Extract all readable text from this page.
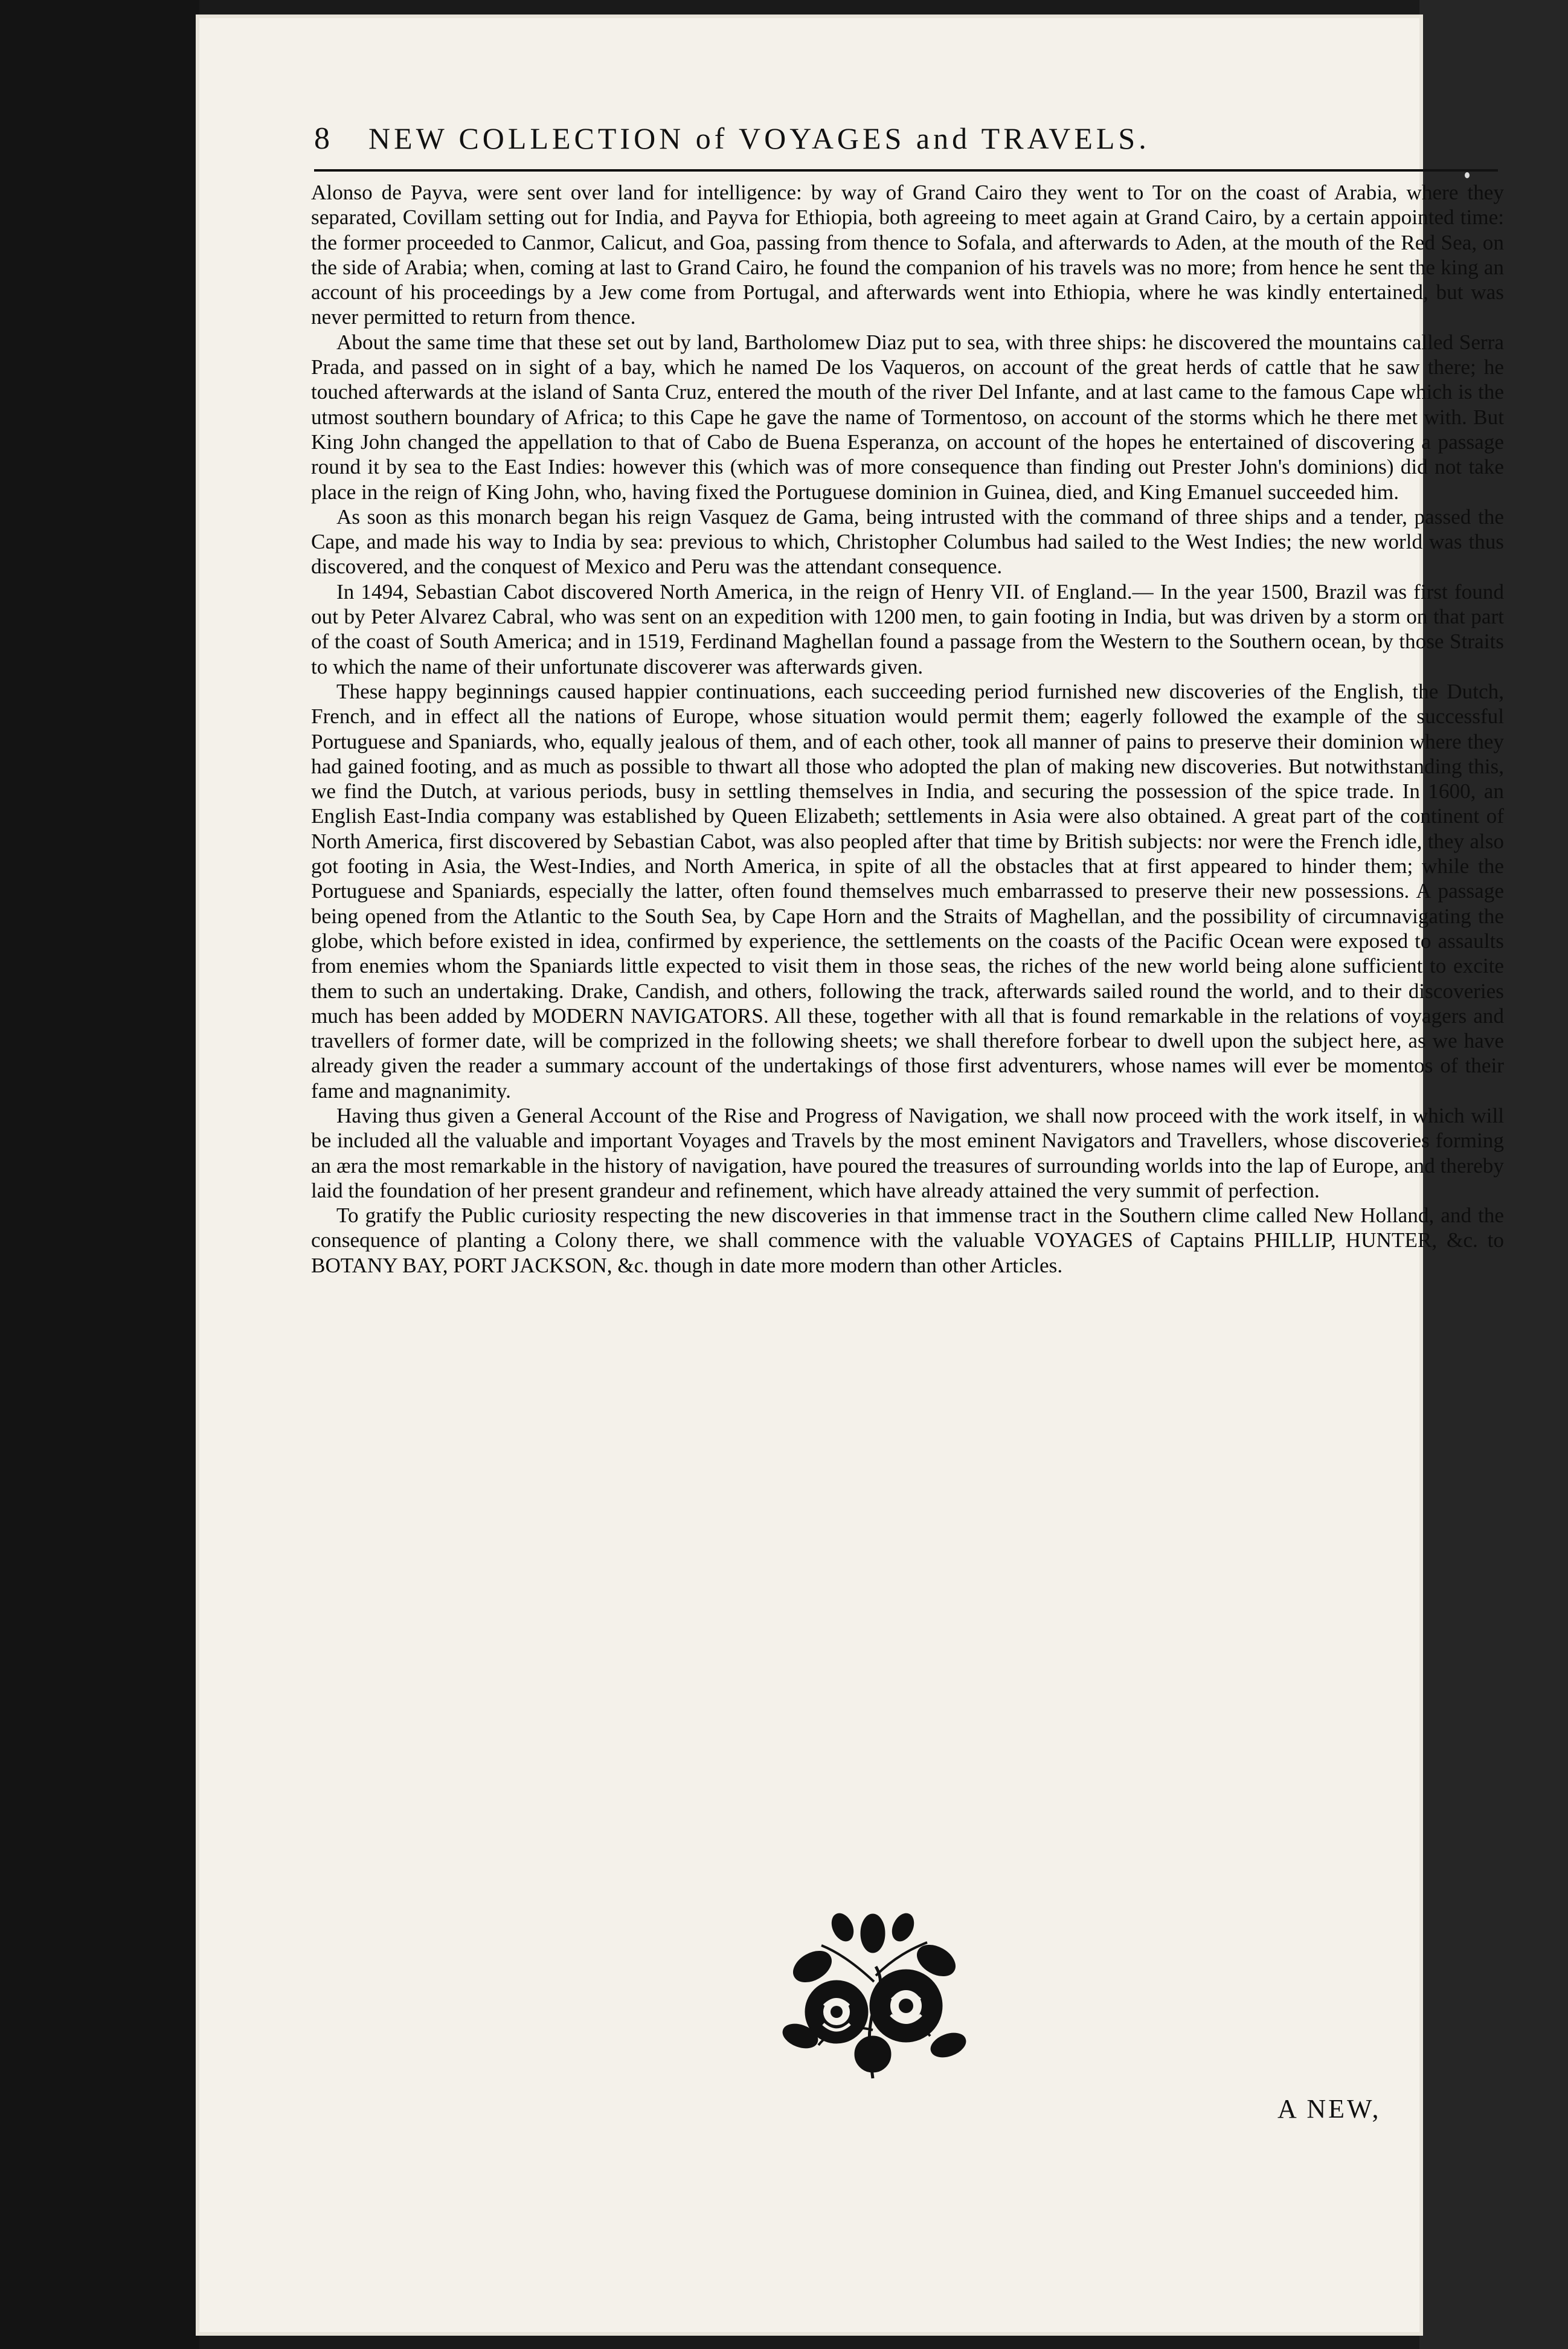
8	NEW COLLECTION of VOYAGES and TRAVELS.

Alonso de Payva, were sent over land for intelligence: by way of Grand Cairo they went to Tor on the coast of Arabia, where they separated, Covillam setting out for India, and Payva for Ethiopia, both agreeing to meet again at Grand Cairo, by a certain appointed time: the former proceeded to Canmor, Calicut, and Goa, passing from thence to Sofala, and afterwards to Aden, at the mouth of the Red Sea, on the side of Arabia; when, coming at last to Grand Cairo, he found the companion of his travels was no more; from hence he sent the king an account of his proceedings by a Jew come from Portugal, and afterwards went into Ethiopia, where he was kindly entertained, but was never permitted to return from thence.

About the same time that these set out by land, Bartholomew Diaz put to sea, with three ships: he discovered the mountains called Serra Prada, and passed on in sight of a bay, which he named De los Vaqueros, on account of the great herds of cattle that he saw there; he touched afterwards at the island of Santa Cruz, entered the mouth of the river Del Infante, and at last came to the famous Cape which is the utmost southern boundary of Africa; to this Cape he gave the name of Tormentoso, on account of the storms which he there met with. But King John changed the appellation to that of Cabo de Buena Esperanza, on account of the hopes he entertained of discovering a passage round it by sea to the East Indies: however this (which was of more consequence than finding out Prester John's dominions) did not take place in the reign of King John, who, having fixed the Portuguese dominion in Guinea, died, and King Emanuel succeeded him.

As soon as this monarch began his reign Vasquez de Gama, being intrusted with the command of three ships and a tender, passed the Cape, and made his way to India by sea: previous to which, Christopher Columbus had sailed to the West Indies; the new world was thus discovered, and the conquest of Mexico and Peru was the attendant consequence.

In 1494, Sebastian Cabot discovered North America, in the reign of Henry VII. of England.— In the year 1500, Brazil was first found out by Peter Alvarez Cabral, who was sent on an expedition with 1200 men, to gain footing in India, but was driven by a storm on that part of the coast of South America; and in 1519, Ferdinand Maghellan found a passage from the Western to the Southern ocean, by those Straits to which the name of their unfortunate discoverer was afterwards given.

These happy beginnings caused happier continuations, each succeeding period furnished new discoveries of the English, the Dutch, French, and in effect all the nations of Europe, whose situation would permit them; eagerly followed the example of the successful Portuguese and Spaniards, who, equally jealous of them, and of each other, took all manner of pains to preserve their dominion where they had gained footing, and as much as possible to thwart all those who adopted the plan of making new discoveries. But notwithstanding this, we find the Dutch, at various periods, busy in settling themselves in India, and securing the possession of the spice trade. In 1600, an English East-India company was established by Queen Elizabeth; settlements in Asia were also obtained. A great part of the continent of North America, first discovered by Sebastian Cabot, was also peopled after that time by British subjects: nor were the French idle, they also got footing in Asia, the West-Indies, and North America, in spite of all the obstacles that at first appeared to hinder them; while the Portuguese and Spaniards, especially the latter, often found themselves much embarrassed to preserve their new possessions. A passage being opened from the Atlantic to the South Sea, by Cape Horn and the Straits of Maghellan, and the possibility of circumnavigating the globe, which before existed in idea, confirmed by experience, the settlements on the coasts of the Pacific Ocean were exposed to assaults from enemies whom the Spaniards little expected to visit them in those seas, the riches of the new world being alone sufficient to excite them to such an undertaking. Drake, Candish, and others, following the track, afterwards sailed round the world, and to their discoveries much has been added by MODERN NAVIGATORS. All these, together with all that is found remarkable in the relations of voyagers and travellers of former date, will be comprized in the following sheets; we shall therefore forbear to dwell upon the subject here, as we have already given the reader a summary account of the undertakings of those first adventurers, whose names will ever be momentos of their fame and magnanimity.

Having thus given a General Account of the Rise and Progress of Navigation, we shall now proceed with the work itself, in which will be included all the valuable and important Voyages and Travels by the most eminent Navigators and Travellers, whose discoveries forming an æra the most remarkable in the history of navigation, have poured the treasures of surrounding worlds into the lap of Europe, and thereby laid the foundation of her present grandeur and refinement, which have already attained the very summit of perfection.

To gratify the Public curiosity respecting the new discoveries in that immense tract in the Southern clime called New Holland, and the consequence of planting a Colony there, we shall commence with the valuable VOYAGES of Captains PHILLIP, HUNTER, &c. to BOTANY BAY, PORT JACKSON, &c. though in date more modern than other Articles.

A NEW,
